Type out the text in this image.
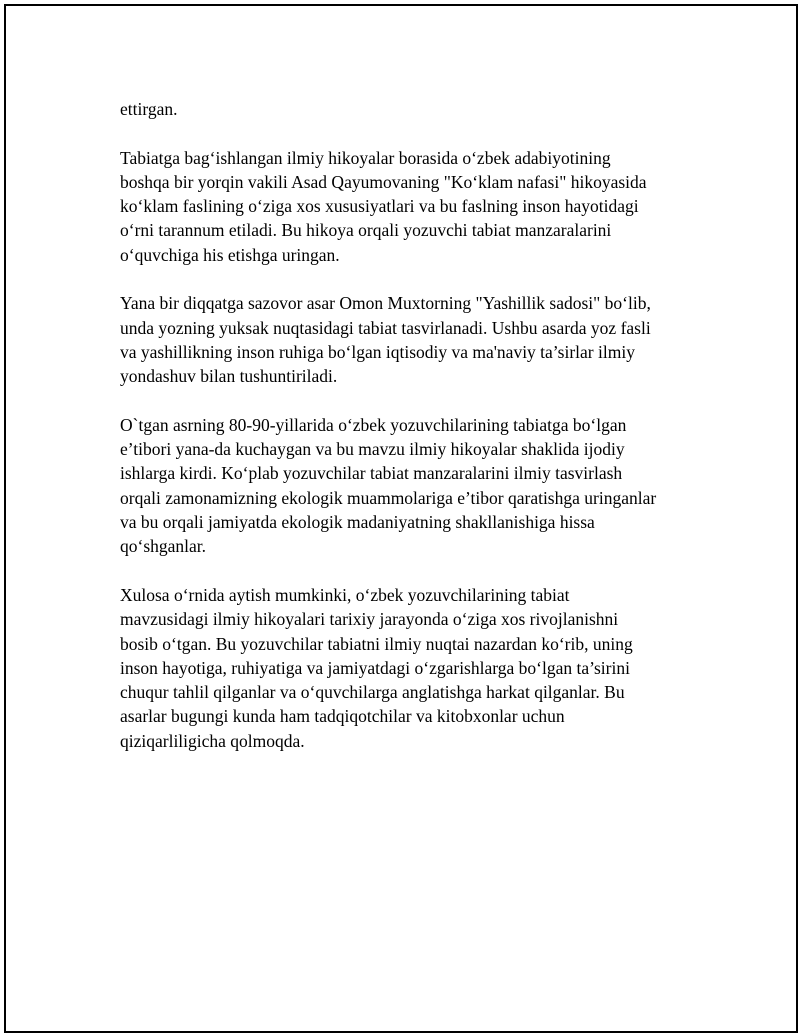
ettirgan.

Tabiatga bag‘ishlangan ilmiy hikoyalar borasida o‘zbek adabiyotining
boshqa bir yorqin vakili Asad Qayumovaning "Ko‘klam nafasi" hikoyasida
ko‘klam faslining o‘ziga xos xususiyatlari va bu faslning inson hayotidagi
o‘rni tarannum etiladi. Bu hikoya orqali yozuvchi tabiat manzaralarini
o‘quvchiga his etishga uringan.

Yana bir diqqatga sazovor asar Omon Muxtorning "Yashillik sadosi" bo‘lib,
unda yozning yuksak nuqtasidagi tabiat tasvirlanadi. Ushbu asarda yoz fasli
va yashillikning inson ruhiga bo‘lgan iqtisodiy va ma'naviy ta’sirlar ilmiy
yondashuv bilan tushuntiriladi.

O`tgan asrning 80-90-yillarida o‘zbek yozuvchilarining tabiatga bo‘lgan
e’tibori yana-da kuchaygan va bu mavzu ilmiy hikoyalar shaklida ijodiy
ishlarga kirdi. Ko‘plab yozuvchilar tabiat manzaralarini ilmiy tasvirlash
orqali zamonamizning ekologik muammolariga e’tibor qaratishga uringanlar
va bu orqali jamiyatda ekologik madaniyatning shakllanishiga hissa
qo‘shganlar.

Xulosa o‘rnida aytish mumkinki, o‘zbek yozuvchilarining tabiat
mavzusidagi ilmiy hikoyalari tarixiy jarayonda o‘ziga xos rivojlanishni
bosib o‘tgan. Bu yozuvchilar tabiatni ilmiy nuqtai nazardan ko‘rib, uning
inson hayotiga, ruhiyatiga va jamiyatdagi o‘zgarishlarga bo‘lgan ta’sirini
chuqur tahlil qilganlar va o‘quvchilarga anglatishga harkat qilganlar. Bu
asarlar bugungi kunda ham tadqiqotchilar va kitobxonlar uchun
qiziqarliligicha qolmoqda.
